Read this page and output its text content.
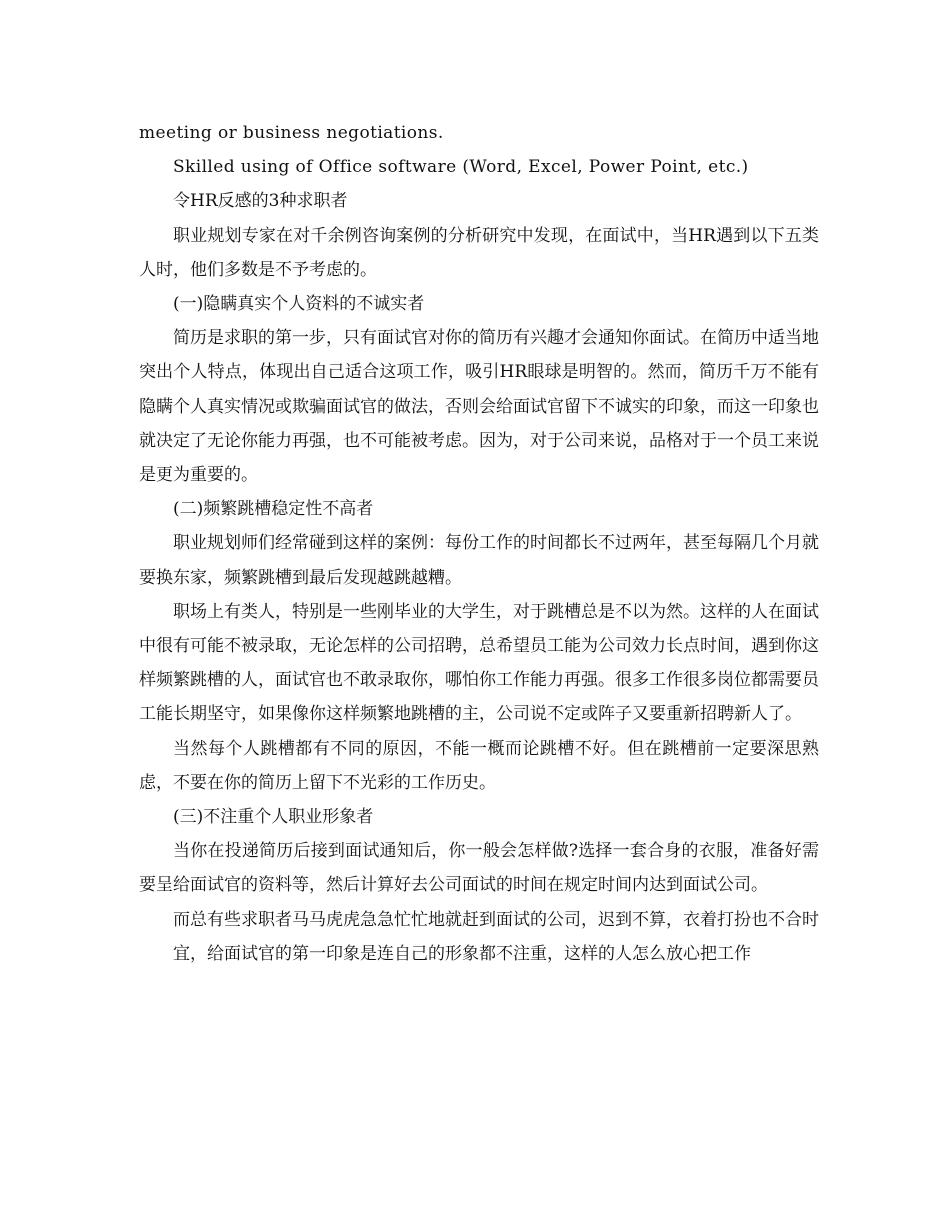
meeting or business negotiations.

Skilled using of Office software (Word, Excel, Power Point, etc.)

令HR反感的3种求职者

职业规划专家在对千余例咨询案例的分析研究中发现，在面试中，当HR遇到以下五类人时，他们多数是不予考虑的。

(一)隐瞒真实个人资料的不诚实者

简历是求职的第一步，只有面试官对你的简历有兴趣才会通知你面试。在简历中适当地突出个人特点，体现出自己适合这项工作，吸引HR眼球是明智的。然而，简历千万不能有隐瞒个人真实情况或欺骗面试官的做法，否则会给面试官留下不诚实的印象，而这一印象也就决定了无论你能力再强，也不可能被考虑。因为，对于公司来说，品格对于一个员工来说是更为重要的。

(二)频繁跳槽稳定性不高者

职业规划师们经常碰到这样的案例：每份工作的时间都长不过两年，甚至每隔几个月就要换东家，频繁跳槽到最后发现越跳越糟。

职场上有类人，特别是一些刚毕业的大学生，对于跳槽总是不以为然。这样的人在面试中很有可能不被录取，无论怎样的公司招聘，总希望员工能为公司效力长点时间，遇到你这样频繁跳槽的人，面试官也不敢录取你，哪怕你工作能力再强。很多工作很多岗位都需要员工能长期坚守，如果像你这样频繁地跳槽的主，公司说不定或阵子又要重新招聘新人了。

当然每个人跳槽都有不同的原因，不能一概而论跳槽不好。但在跳槽前一定要深思熟虑，不要在你的简历上留下不光彩的工作历史。

(三)不注重个人职业形象者

当你在投递简历后接到面试通知后，你一般会怎样做?选择一套合身的衣服，准备好需要呈给面试官的资料等，然后计算好去公司面试的时间在规定时间内达到面试公司。

而总有些求职者马马虎虎急急忙忙地就赶到面试的公司，迟到不算，衣着打扮也不合时

宜，给面试官的第一印象是连自己的形象都不注重，这样的人怎么放心把工作
